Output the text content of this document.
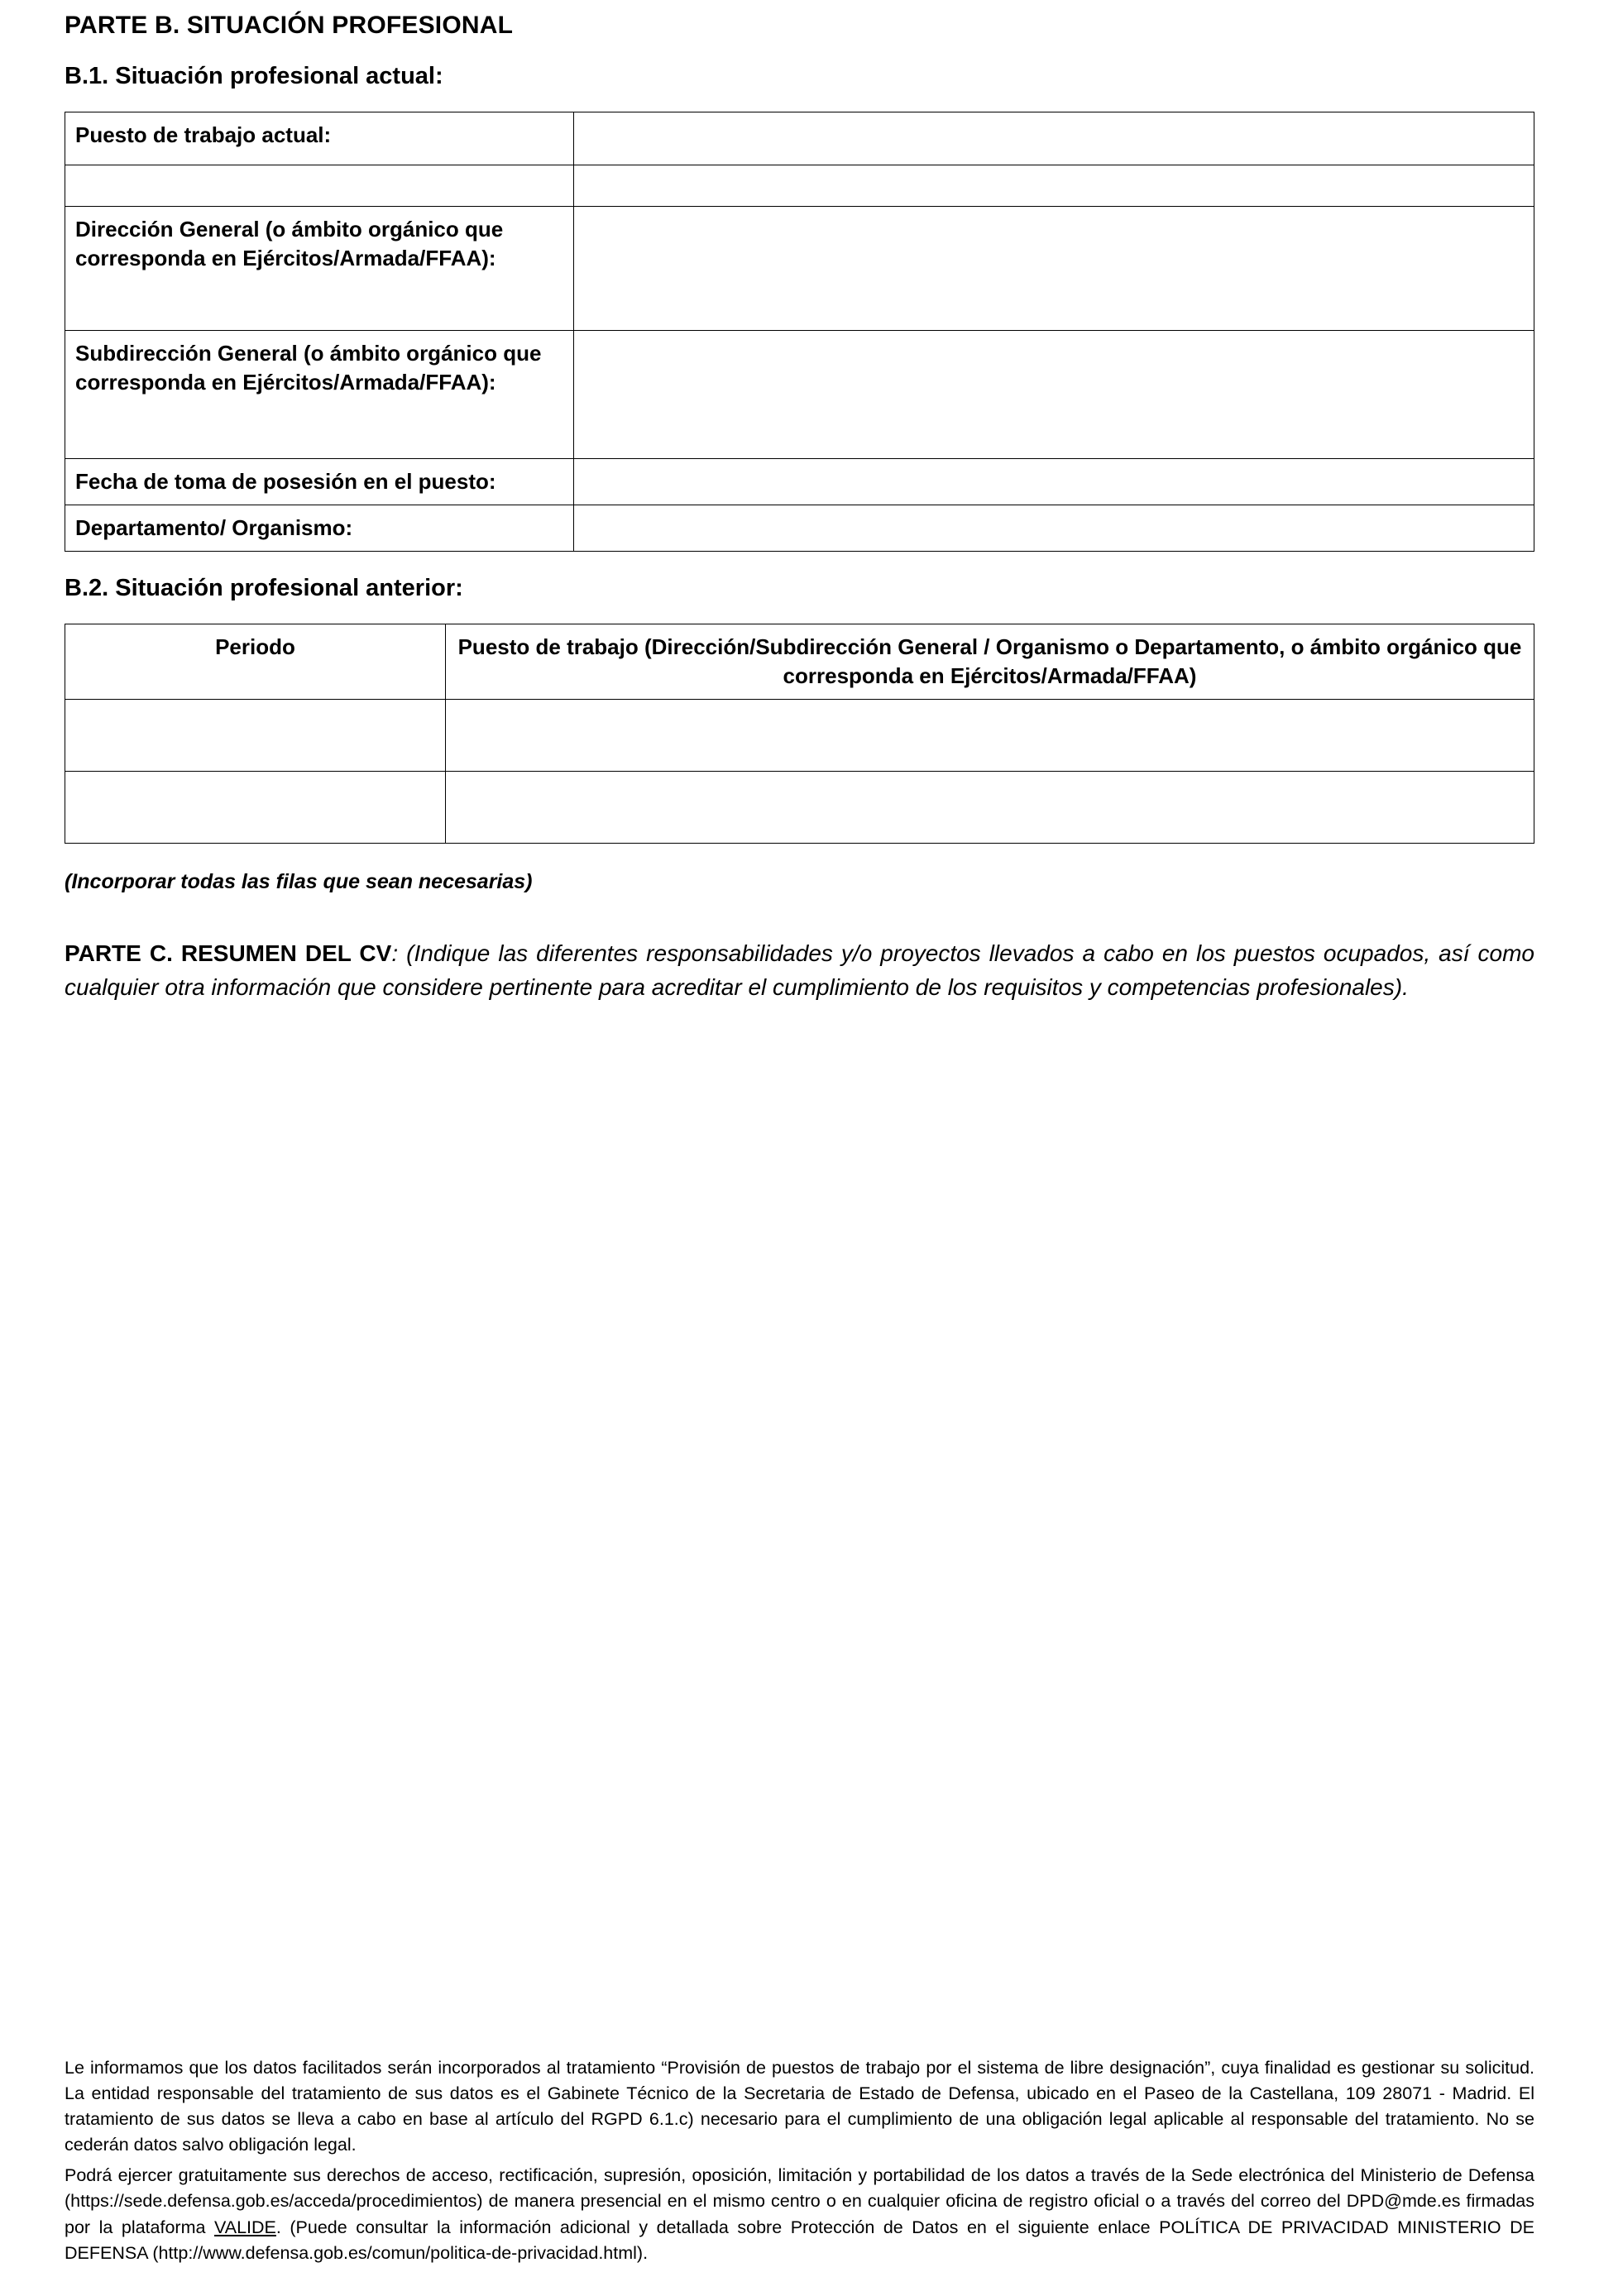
PARTE B. SITUACIÓN PROFESIONAL
B.1. Situación profesional actual:
Puesto de trabajo actual:	

Dirección General (o ámbito orgánico que corresponda en Ejércitos/Armada/FFAA):	
Subdirección General (o ámbito orgánico que corresponda en Ejércitos/Armada/FFAA):	
Fecha de toma de posesión en el puesto:	
Departamento/ Organismo:	
B.2. Situación profesional anterior:
Periodo	Puesto de trabajo (Dirección/Subdirección General / Organismo o Departamento, o ámbito orgánico que corresponda en Ejércitos/Armada/FFAA)

(Incorporar todas las filas que sean necesarias)
PARTE C. RESUMEN DEL CV: (Indique las diferentes responsabilidades y/o proyectos llevados a cabo en los puestos ocupados, así como cualquier otra información que considere pertinente para acreditar el cumplimiento de los requisitos y competencias profesionales).

Le informamos que los datos facilitados serán incorporados al tratamiento “Provisión de puestos de trabajo por el sistema de libre designación”, cuya finalidad es gestionar su solicitud. La entidad responsable del tratamiento de sus datos es el Gabinete Técnico de la Secretaria de Estado de Defensa, ubicado en el Paseo de la Castellana, 109 28071 - Madrid. El tratamiento de sus datos se lleva a cabo en base al artículo del RGPD 6.1.c) necesario para el cumplimiento de una obligación legal aplicable al responsable del tratamiento. No se cederán datos salvo obligación legal.

Podrá ejercer gratuitamente sus derechos de acceso, rectificación, supresión, oposición, limitación y portabilidad de los datos a través de la Sede electrónica del Ministerio de Defensa (https://sede.defensa.gob.es/acceda/procedimientos) de manera presencial en el mismo centro o en cualquier oficina de registro oficial o a través del correo del DPD@mde.es firmadas por la plataforma VALIDE. (Puede consultar la información adicional y detallada sobre Protección de Datos en el siguiente enlace POLÍTICA DE PRIVACIDAD MINISTERIO DE DEFENSA (http://www.defensa.gob.es/comun/politica-de-privacidad.html).
